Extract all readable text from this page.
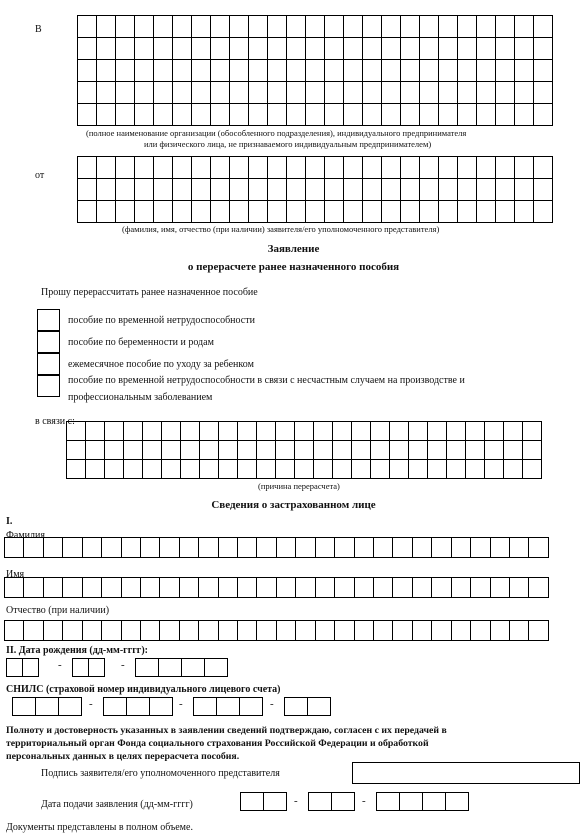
В
(полное наименование организации (обособленного подразделения), индивидуального предпринимателя
или физического лица, не признаваемого индивидуальным предпринимателем)
от
(фамилия, имя, отчество (при наличии) заявителя/его уполномоченного представителя)
Заявление
о перерасчете ранее назначенного пособия
Прошу перерассчитать ранее назначенное пособие
пособие по временной нетрудоспособности
пособие по беременности и родам
ежемесячное пособие по уходу за ребенком
пособие по временной нетрудоспособности в связи с несчастным случаем на производстве и
профессиональным заболеванием
в связи с:
(причина перерасчета)
Сведения о застрахованном лице
I.
Фамилия
Имя
Отчество (при наличии)
II. Дата рождения (дд-мм-гггг):
-	-
СНИЛС (страховой номер индивидуального лицевого счета)
-	-	-
Полноту и достоверность указанных в заявлении сведений подтверждаю, согласен с их передачей в
территориальный орган Фонда социального страхования Российской Федерации и обработкой
персональных данных в целях перерасчета пособия.
Подпись заявителя/его уполномоченного представителя
Дата подачи заявления (дд-мм-гггг)	-	-
Документы представлены в полном объеме.
